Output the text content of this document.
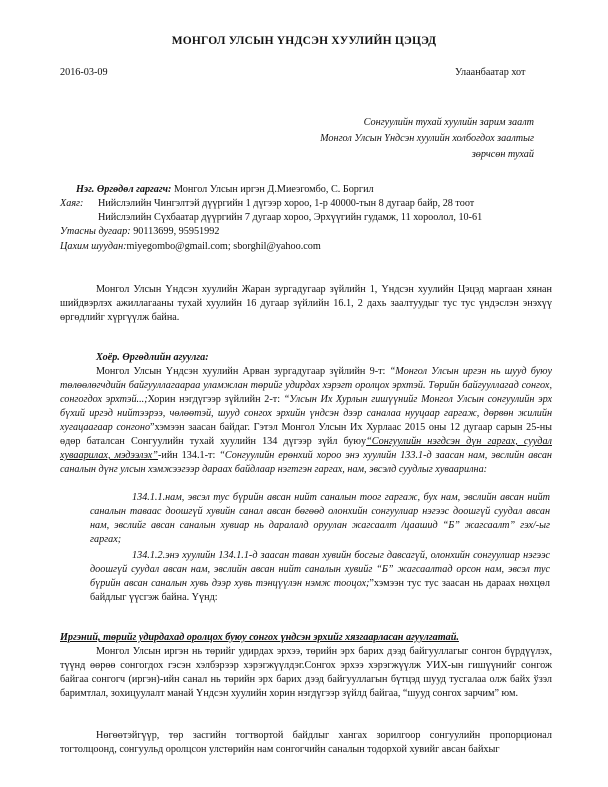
МОНГОЛ УЛСЫН ҮНДСЭН ХУУЛИЙН ЦЭЦЭД
2016-03-09	Улаанбаатар хот
Сонгуулийн тухай хуулийн зарим заалт
Монгол Улсын Үндсэн хуулийн холбогдох заалтыг
зөрчсөн тухай
Нэг. Өргөдөл гаргагч: Монгол Улсын иргэн Д.Миеэгомбо, С. Боргил
Хаяг: Нийслэлийн Чингэлтэй дүүргийн 1 дүгээр хороо, 1-р 40000-тын 8 дугаар байр, 28 тоот
Нийслэлийн Сүхбаатар дүүргийн 7 дугаар хороо, Эрхүүгийн гудамж, 11 хороолол, 10-61
Утасны дугаар: 90113699, 95951992
Цахим шуудан:miyegombo@gmail.com; sborghil@yahoo.com
Монгол Улсын Үндсэн хуулийн Жаран зургадугаар зүйлийн 1, Үндсэн хуулийн Цэцэд маргаан хянан шийдвэрлэх ажиллагааны тухай хуулийн 16 дугаар зүйлийн 16.1, 2 дахь заалтуудыг тус тус үндэслэн энэхүү өргөдлийг хүргүүлж байна.
Хоёр. Өргөдлийн агуулга:
Монгол Улсын Үндсэн хуулийн Арван зургадугаар зүйлийн 9-т: “Монгол Улсын иргэн нь шууд буюу төлөөлөгчдийн байгууллагаараа уламжлан төрийг удирдах хэрэгт оролцох эрхтэй. Төрийн байгууллагад сонгох, сонгогдох эрхтэй...;Хорин нэгдүгээр зүйлийн 2-т: “Улсын Их Хурлын гишүүнийг Монгол Улсын сонгуулийн эрх бүхий иргэд нийтээрээ, чөлөөтэй, шууд сонгох эрхийн үндсэн дээр саналаа нууцаар гаргаж, дөрвөн жилийн хугацаагаар сонгоно”хэмээн заасан байдаг. Гэтэл Монгол Улсын Их Хурлаас 2015 оны 12 дугаар сарын 25-ны өдөр баталсан Сонгуулийн тухай хуулийн 134 дүгээр зүйл буюу“Сонгуулийн нэгдсэн дүн гаргах, суудал хуваарилах, мэдээлэх”-ийн 134.1-т: “Сонгуулийн ерөнхий хороо энэ хуулийн 133.1-д заасан нам, эвслийн авсан саналын дүнг улсын хэмжээгээр дараах байдлаар нэгтгэн гаргах, нам, эвсэлд суудлыг хуваарилна:
134.1.1.нам, эвсэл тус бүрийн авсан нийт саналын тоог гаргаж, бух нам, эвслийн авсан нийт саналын таваас доошгүй хувийн санал авсан бөгөөд олонхийн сонгуулиар нэгээс доошгүй суудал авсан нам, эвслийг авсан саналын хувиар нь даралалд оруулан жагсаалт /цаашид “Б” жагсаалт” гэх/-ыг гаргах;
134.1.2.энэ хуулийн 134.1.1-д заасан таван хувийн босгыг давсагүй, олонхийн сонгуулиар нэгээс доошгүй суудал авсан нам, эвслийн авсан нийт саналын хувийг “Б” жагсаалтад орсон нам, эвсэл тус бүрийн авсан саналын хувь дээр хувь тэнцүүлэн нэмж тооцох;”хэмээн тус тус заасан нь дараах нөхцөл байдлыг үүсгэж байна. Үүнд:
Иргэний, төрийг удирдахад оролцох буюу сонгох үндсэн эрхийг хязгаарласан агуулгатай.
Монгол Улсын иргэн нь төрийг удирдах эрхээ, төрийн эрх барих дээд байгууллагыг сонгон бүрдүүлэх, түүнд өөрөө сонгогдох гэсэн хэлбэрээр хэрэгжүүлдэг.Сонгох эрхээ хэрэгжүүлж УИХ-ын гишүүнийг сонгож байгаа сонгогч (иргэн)-ийн санал нь төрийн эрх барих дээд байгууллагын бүтцэд шууд тусгалаа олж байх ўзэл баримтлал, зохицуулалт манай Үндсэн хуулийн хорин нэгдүгээр зүйлд байгаа, “шууд сонгох зарчим” юм.
Нөгөөтэйгүүр, төр засгийн тогтвортой байдлыг хангах зорилгоор сонгуулийн пропорционал тогтолцоонд, сонгуульд оролцсон улстөрийн нам сонгогчийн саналын тодорхой хувийг авсан байхыг
